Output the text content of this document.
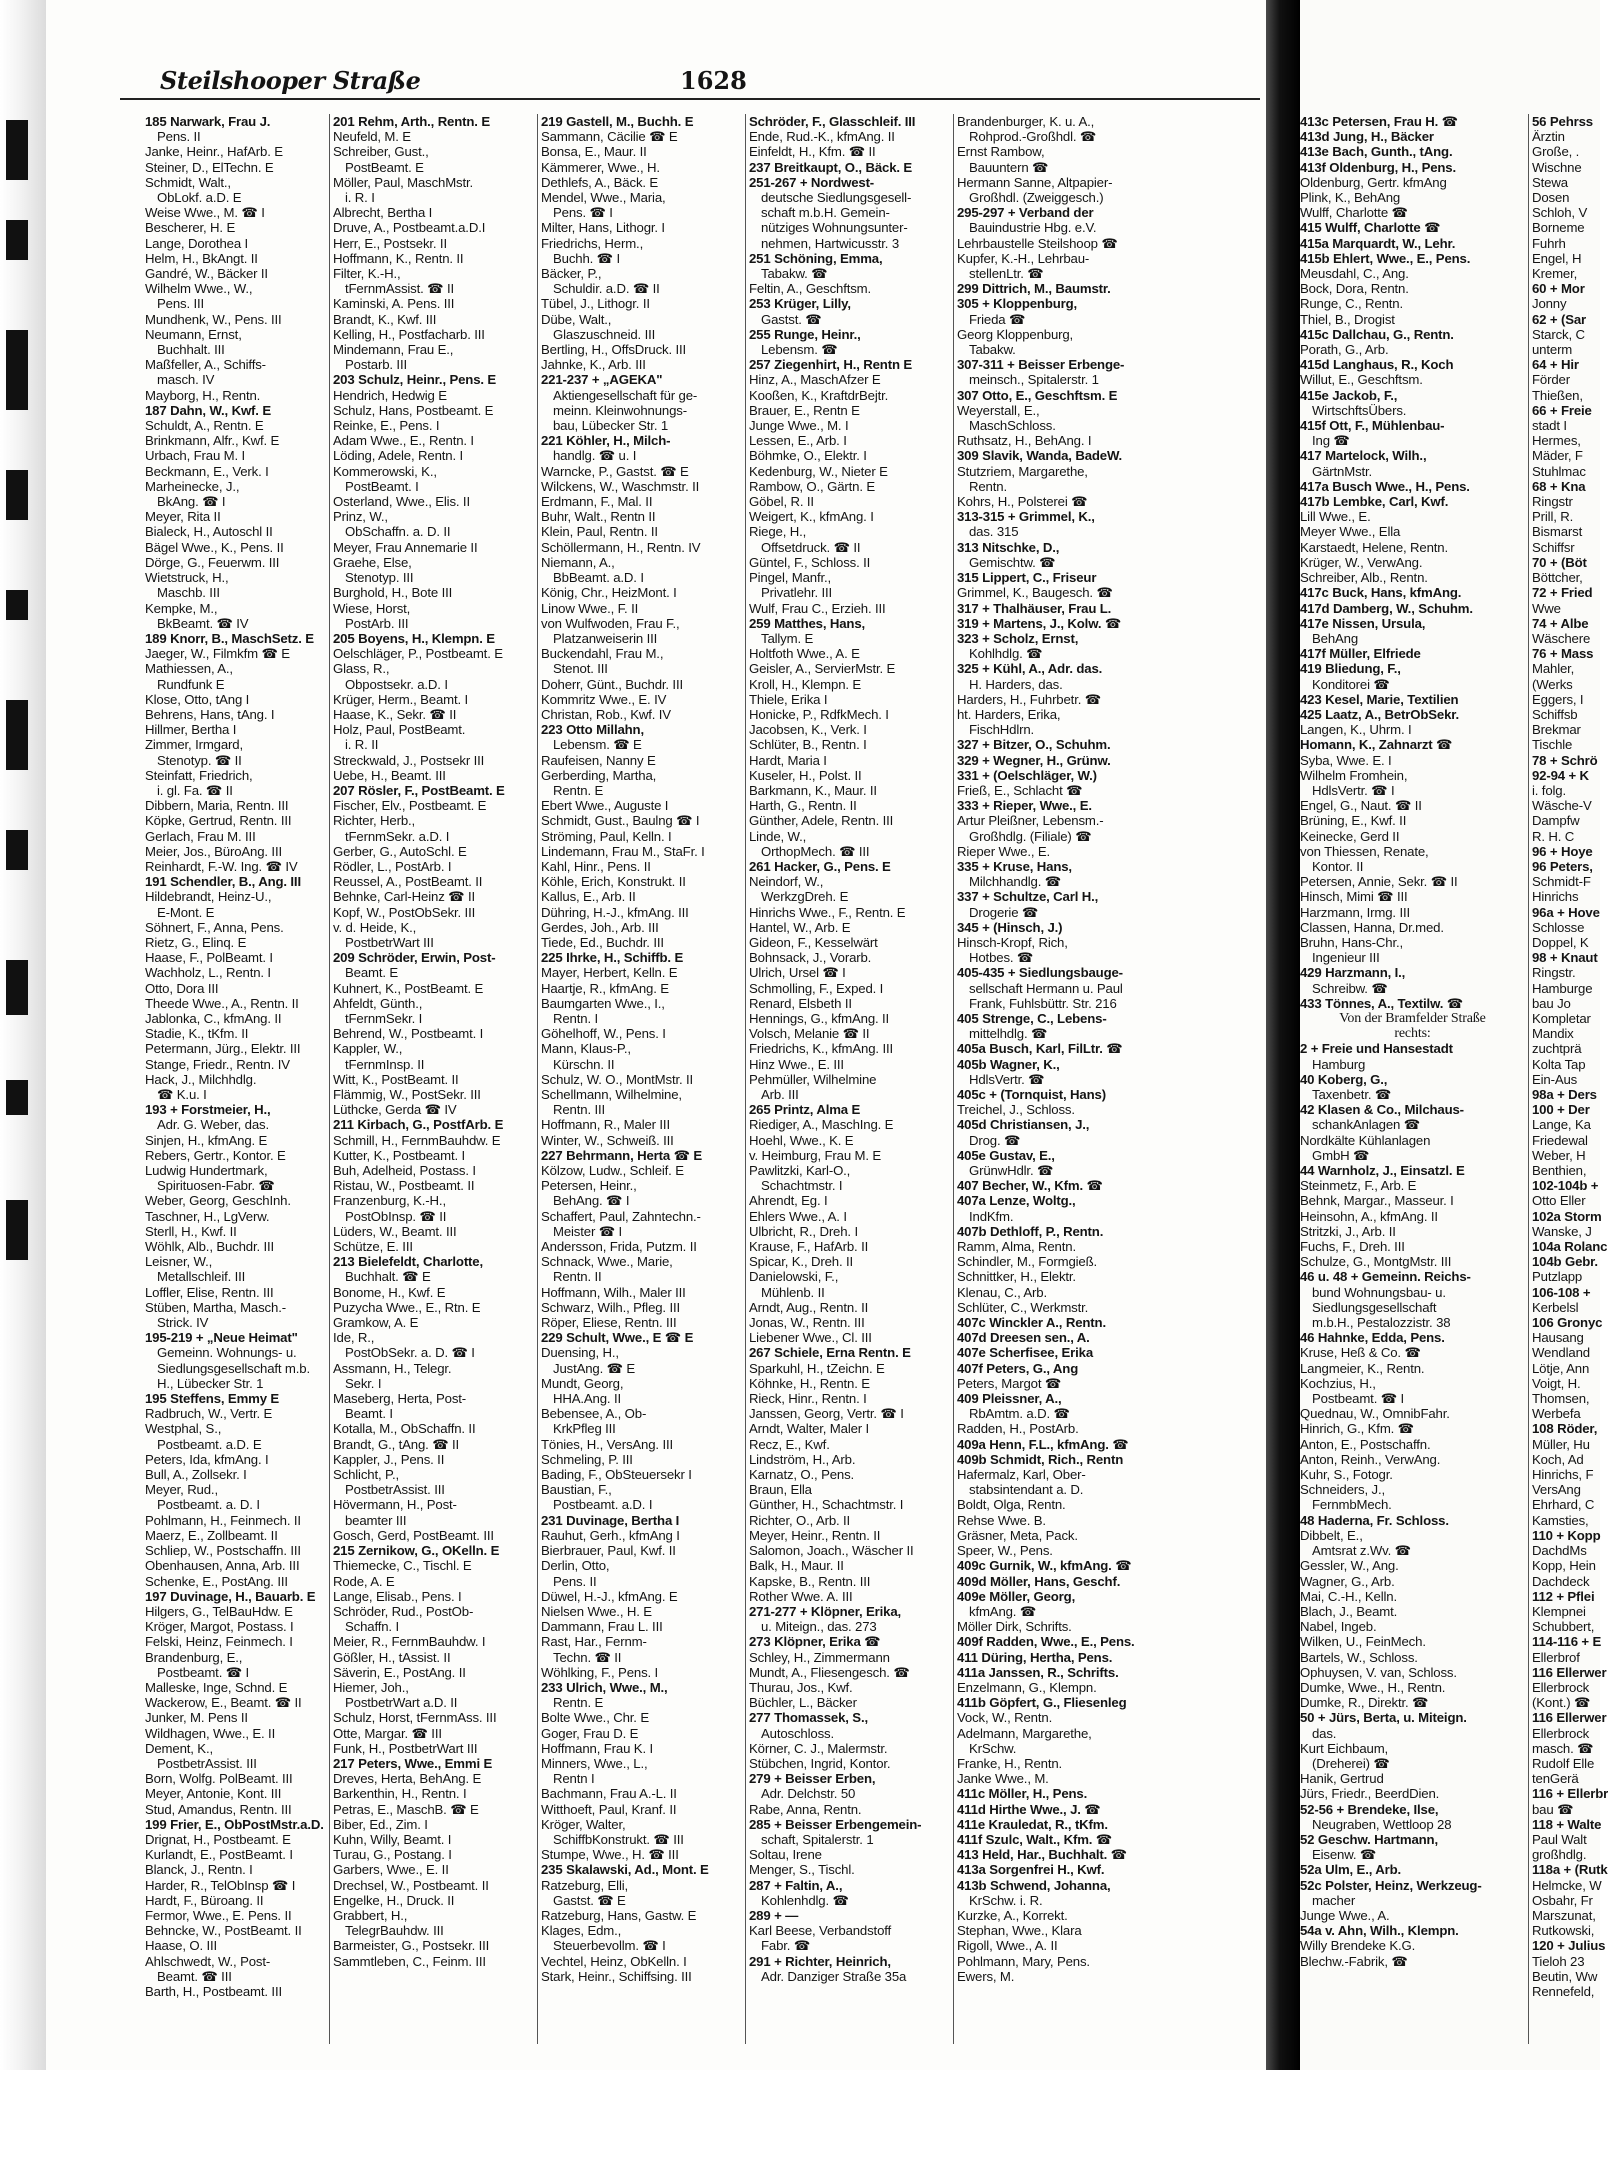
Steilshooper Straße	1628
185 Narwark, Frau J.
Pens. II
Janke, Heinr., HafArb. E
Steiner, D., ElTechn. E
Schmidt, Walt.,
ObLokf. a.D. E
Weise Wwe., M. ☎ I
Bescherer, H. E
Lange, Dorothea I
Helm, H., BkAngt. II
Gandré, W., Bäcker II
Wilhelm Wwe., W.,
Pens. III
Mundhenk, W., Pens. III
Neumann, Ernst,
Buchhalt. III
Maßfeller, A., Schiffs-
masch. IV
Mayborg, H., Rentn.
187 Dahn, W., Kwf. E
Schuldt, A., Rentn. E
Brinkmann, Alfr., Kwf. E
Urbach, Frau M. I
Beckmann, E., Verk. I
Marheinecke, J.,
BkAng. ☎ I
Meyer, Rita II
Bialeck, H., Autoschl II
Bägel Wwe., K., Pens. II
Dörge, G., Feuerwm. III
Wietstruck, H.,
Maschb. III
Kempke, M.,
BkBeamt. ☎ IV
189 Knorr, B., MaschSetz. E
Jaeger, W., Filmkfm ☎ E
Mathiessen, A.,
Rundfunk E
Klose, Otto, tAng I
Behrens, Hans, tAng. I
Hillmer, Bertha I
Zimmer, Irmgard,
Stenotyp. ☎ II
Steinfatt, Friedrich,
i. gl. Fa. ☎ II
Dibbern, Maria, Rentn. III
Köpke, Gertrud, Rentn. III
Gerlach, Frau M. III
Meier, Jos., BüroAng. III
Reinhardt, F.-W. Ing. ☎ IV
191 Schendler, B., Ang. III
Hildebrandt, Heinz-U.,
E-Mont. E
Söhnert, F., Anna, Pens.
Rietz, G., Elinq. E
Haase, F., PolBeamt. I
Wachholz, L., Rentn. I
Otto, Dora III
Theede Wwe., A., Rentn. II
Jablonka, C., kfmAng. II
Stadie, K., tKfm. II
Petermann, Jürg., Elektr. III
Stange, Friedr., Rentn. IV
Hack, J., Milchhdlg.
☎ K.u. I
193 + Forstmeier, H.,
Adr. G. Weber, das.
Sinjen, H., kfmAng. E
Rebers, Gertr., Kontor. E
Ludwig Hundertmark,
Spirituosen-Fabr. ☎
Weber, Georg, GeschInh.
Taschner, H., LgVerw.
Sterll, H., Kwf. II
Wöhlk, Alb., Buchdr. III
Leisner, W.,
Metallschleif. III
Loffler, Elise, Rentn. III
Stüben, Martha, Masch.-
Strick. IV
195-219 + „Neue Heimat"
Gemeinn. Wohnungs- u.
Siedlungsgesellschaft m.b.
H., Lübecker Str. 1
195 Steffens, Emmy E
Radbruch, W., Vertr. E
Westphal, S.,
Postbeamt. a.D. E
Peters, Ida, kfmAng. I
Bull, A., Zollsekr. I
Meyer, Rud.,
Postbeamt. a. D. I
Pohlmann, H., Feinmech. II
Maerz, E., Zollbeamt. II
Schliep, W., Postschaffn. III
Obenhausen, Anna, Arb. III
Schenke, E., PostAng. III
197 Duvinage, H., Bauarb. E
Hilgers, G., TelBauHdw. E
Kröger, Margot, Postass. I
Felski, Heinz, Feinmech. I
Brandenburg, E.,
Postbeamt. ☎ I
Malleske, Inge, Schnd. E
Wackerow, E., Beamt. ☎ II
Junker, M. Pens II
Wildhagen, Wwe., E. II
Dement, K.,
PostbetrAssist. III
Born, Wolfg. PolBeamt. III
Meyer, Antonie, Kont. III
Stud, Amandus, Rentn. III
199 Frier, E., ObPostMstr.a.D.
Drignat, H., Postbeamt. E
Kurlandt, E., PostBeamt. I
Blanck, J., Rentn. I
Harder, R., TelObInsp ☎ I
Hardt, F., Büroang. II
Fermor, Wwe., E. Pens. II
Behncke, W., PostBeamt. II
Haase, O. III
Ahlschwedt, W., Post-
Beamt. ☎ III
Barth, H., Postbeamt. III
201 Rehm, Arth., Rentn. E
Neufeld, M. E
Schreiber, Gust.,
PostBeamt. E
Möller, Paul, MaschMstr.
i. R. I
Albrecht, Bertha I
Druve, A., Postbeamt.a.D.I
Herr, E., Postsekr. II
Hoffmann, K., Rentn. II
Filter, K.-H.,
tFernmAssist. ☎ II
Kaminski, A. Pens. III
Brandt, K., Kwf. III
Kelling, H., Postfacharb. III
Mindemann, Frau E.,
Postarb. III
203 Schulz, Heinr., Pens. E
Hendrich, Hedwig E
Schulz, Hans, Postbeamt. E
Reinke, E., Pens. I
Adam Wwe., E., Rentn. I
Löding, Adele, Rentn. I
Kommerowski, K.,
PostBeamt. I
Osterland, Wwe., Elis. II
Prinz, W.,
ObSchaffn. a. D. II
Meyer, Frau Annemarie II
Graehe, Else,
Stenotyp. III
Burghold, H., Bote III
Wiese, Horst,
PostArb. III
205 Boyens, H., Klempn. E
Oelschläger, P., Postbeamt. E
Glass, R.,
Obpostsekr. a.D. I
Krüger, Herm., Beamt. I
Haase, K., Sekr. ☎ II
Holz, Paul, PostBeamt.
i. R. II
Streckwald, J., Postsekr III
Uebe, H., Beamt. III
207 Rösler, F., PostBeamt. E
Fischer, Elv., Postbeamt. E
Richter, Herb.,
tFernmSekr. a.D. I
Gerber, G., AutoSchl. E
Rödler, L., PostArb. I
Reussel, A., PostBeamt. II
Behnke, Carl-Heinz ☎ II
Kopf, W., PostObSekr. III
v. d. Heide, K.,
PostbetrWart III
209 Schröder, Erwin, Post-
Beamt. E
Kuhnert, K., PostBeamt. E
Ahfeldt, Günth.,
tFernmSekr. I
Behrend, W., Postbeamt. I
Kappler, W.,
tFernmInsp. II
Witt, K., PostBeamt. II
Flämmig, W., PostSekr. III
Lüthcke, Gerda ☎ IV
211 Kirbach, G., PostfArb. E
Schmill, H., FernmBauhdw. E
Kutter, K., Postbeamt. I
Buh, Adelheid, Postass. I
Ristau, W., Postbeamt. II
Franzenburg, K.-H.,
PostObInsp. ☎ II
Lüders, W., Beamt. III
Schütze, E. III
213 Bielefeldt, Charlotte,
Buchhalt. ☎ E
Bonome, H., Kwf. E
Puzycha Wwe., E., Rtn. E
Gramkow, A. E
Ide, R.,
PostObSekr. a. D. ☎ I
Assmann, H., Telegr.
Sekr. I
Maseberg, Herta, Post-
Beamt. I
Kotalla, M., ObSchaffn. II
Brandt, G., tAng. ☎ II
Kappler, J., Pens. II
Schlicht, P.,
PostbetrAssist. III
Hövermann, H., Post-
beamter III
Gosch, Gerd, PostBeamt. III
215 Zernikow, G., OKelln. E
Thiemecke, C., Tischl. E
Rode, A. E
Lange, Elisab., Pens. I
Schröder, Rud., PostOb-
Schaffn. I
Meier, R., FernmBauhdw. I
Gößler, H., tAssist. II
Säverin, E., PostAng. II
Hiemer, Joh.,
PostbetrWart a.D. II
Schulz, Horst, tFernmAss. III
Otte, Margar. ☎ III
Funk, H., PostbetrWart III
217 Peters, Wwe., Emmi E
Dreves, Herta, BehAng. E
Barkenthin, H., Rentn. I
Petras, E., MaschB. ☎ E
Biber, Ed., Zim. I
Kuhn, Willy, Beamt. I
Turau, G., Postang. I
Garbers, Wwe., E. II
Drechsel, W., Postbeamt. II
Engelke, H., Druck. II
Grabbert, H.,
TelegrBauhdw. III
Barmeister, G., Postsekr. III
Sammtleben, C., Feinm. III
219 Gastell, M., Buchh. E
Sammann, Cäcilie ☎ E
Bonsa, E., Maur. II
Kämmerer, Wwe., H.
Dethlefs, A., Bäck. E
Mendel, Wwe., Maria,
Pens. ☎ I
Milter, Hans, Lithogr. I
Friedrichs, Herm.,
Buchh. ☎ I
Bäcker, P.,
Schuldir. a.D. ☎ II
Tübel, J., Lithogr. II
Dübe, Walt.,
Glaszuschneid. III
Bertling, H., OffsDruck. III
Jahnke, K., Arb. III
221-237 + „AGEKA"
Aktiengesellschaft für ge-
meinn. Kleinwohnungs-
bau, Lübecker Str. 1
221 Köhler, H., Milch-
handlg. ☎ u. I
Warncke, P., Gastst. ☎ E
Wilckens, W., Waschmstr. II
Erdmann, F., Mal. II
Buhr, Walt., Rentn II
Klein, Paul, Rentn. II
Schöllermann, H., Rentn. IV
Niemann, A.,
BbBeamt. a.D. I
König, Chr., HeizMont. I
Linow Wwe., F. II
von Wulfwoden, Frau F.,
Platzanweiserin III
Buckendahl, Frau M.,
Stenot. III
Doherr, Günt., Buchdr. III
Kommritz Wwe., E. IV
Christan, Rob., Kwf. IV
223 Otto Millahn,
Lebensm. ☎ E
Raufeisen, Nanny E
Gerberding, Martha,
Rentn. E
Ebert Wwe., Auguste I
Schmidt, Gust., Baulng ☎ I
Ströming, Paul, Kelln. I
Lindemann, Frau M., StaFr. I
Kahl, Hinr., Pens. II
Köhle, Erich, Konstrukt. II
Kallus, E., Arb. II
Dühring, H.-J., kfmAng. III
Gerdes, Joh., Arb. III
Tiede, Ed., Buchdr. III
225 Ihrke, H., Schiffb. E
Mayer, Herbert, Kelln. E
Haartje, R., kfmAng. E
Baumgarten Wwe., I.,
Rentn. I
Göhelhoff, W., Pens. I
Mann, Klaus-P.,
Kürschn. II
Schulz, W. O., MontMstr. II
Schellmann, Wilhelmine,
Rentn. III
Hoffmann, R., Maler III
Winter, W., Schweiß. III
227 Behrmann, Herta ☎ E
Kölzow, Ludw., Schleif. E
Petersen, Heinr.,
BehAng. ☎ I
Schaffert, Paul, Zahntechn.-
Meister ☎ I
Andersson, Frida, Putzm. II
Schnack, Wwe., Marie,
Rentn. II
Hoffmann, Wilh., Maler III
Schwarz, Wilh., Pfleg. III
Röper, Eliese, Rentn. III
229 Schult, Wwe., E ☎ E
Duensing, H.,
JustAng. ☎ E
Mundt, Georg,
HHA.Ang. II
Bebensee, A., Ob-
KrkPfleg III
Tönies, H., VersAng. III
Schmeling, P. III
Bading, F., ObSteuersekr I
Baustian, F.,
Postbeamt. a.D. I
231 Duvinage, Bertha I
Rauhut, Gerh., kfmAng I
Bierbrauer, Paul, Kwf. II
Derlin, Otto,
Pens. II
Düwel, H.-J., kfmAng. E
Nielsen Wwe., H. E
Dammann, Frau L. III
Rast, Har., Fernm-
Techn. ☎ II
Wöhlking, F., Pens. I
233 Ulrich, Wwe., M.,
Rentn. E
Bolte Wwe., Chr. E
Goger, Frau D. E
Hoffmann, Frau K. I
Minners, Wwe., L.,
Rentn I
Bachmann, Frau A.-L. II
Witthoeft, Paul, Kranf. II
Kröger, Walter,
SchiffbKonstrukt. ☎ III
Stumpe, Wwe., H. ☎ III
235 Skalawski, Ad., Mont. E
Ratzeburg, Elli,
Gastst. ☎ E
Ratzeburg, Hans, Gastw. E
Klages, Edm.,
Steuerbevollm. ☎ I
Vechtel, Heinz, ObKelln. I
Stark, Heinr., Schiffsing. III
Schröder, F., Glasschleif. III
Ende, Rud.-K., kfmAng. II
Einfeldt, H., Kfm. ☎ II
237 Breitkaupt, O., Bäck. E
251-267 + Nordwest-
deutsche Siedlungsgesell-
schaft m.b.H. Gemein-
nütziges Wohnungsunter-
nehmen, Hartwicusstr. 3
251 Schöning, Emma,
Tabakw. ☎
Feltin, A., Geschftsm.
253 Krüger, Lilly,
Gastst. ☎
255 Runge, Heinr.,
Lebensm. ☎
257 Ziegenhirt, H., Rentn E
Hinz, A., MaschAfzer E
Kooßen, K., KraftdrBejtr.
Brauer, E., Rentn E
Junge Wwe., M. I
Lessen, E., Arb. I
Böhmke, O., Elektr. I
Kedenburg, W., Nieter E
Rambow, O., Gärtn. E
Göbel, R. II
Weigert, K., kfmAng. I
Riege, H.,
Offsetdruck. ☎ II
Güntel, F., Schloss. II
Pingel, Manfr.,
Privatlehr. III
Wulf, Frau C., Erzieh. III
259 Matthes, Hans,
Tallym. E
Holtfoth Wwe., A. E
Geisler, A., ServierMstr. E
Kroll, H., Klempn. E
Thiele, Erika I
Honicke, P., RdfkMech. I
Jacobsen, K., Verk. I
Schlüter, B., Rentn. I
Hardt, Maria I
Kuseler, H., Polst. II
Barkmann, K., Maur. II
Harth, G., Rentn. II
Günther, Adele, Rentn. III
Linde, W.,
OrthopMech. ☎ III
261 Hacker, G., Pens. E
Neindorf, W.,
WerkzgDreh. E
Hinrichs Wwe., F., Rentn. E
Hantel, W., Arb. E
Gideon, F., Kesselwärt
Bohnsack, J., Vorarb.
Ulrich, Ursel ☎ I
Schmolling, F., Exped. I
Renard, Elsbeth II
Hennings, G., kfmAng. II
Volsch, Melanie ☎ II
Friedrichs, K., kfmAng. III
Hinz Wwe., E. III
Pehmüller, Wilhelmine
Arb. III
265 Printz, Alma E
Riediger, A., MaschIng. E
Hoehl, Wwe., K. E
v. Heimburg, Frau M. E
Pawlitzki, Karl-O.,
Schachtmstr. I
Ahrendt, Eg. I
Ehlers Wwe., A. I
Ulbricht, R., Dreh. I
Krause, F., HafArb. II
Spicar, K., Dreh. II
Danielowski, F.,
Mühlenb. II
Arndt, Aug., Rentn. II
Jonas, W., Rentn. III
Liebener Wwe., Cl. III
267 Schiele, Erna Rentn. E
Sparkuhl, H., tZeichn. E
Köhnke, H., Rentn. E
Rieck, Hinr., Rentn. I
Janssen, Georg, Vertr. ☎ I
Arndt, Walter, Maler I
Recz, E., Kwf.
Lindström, H., Arb.
Karnatz, O., Pens.
Braun, Ella
Günther, H., Schachtmstr. I
Richter, O., Arb. II
Meyer, Heinr., Rentn. II
Salomon, Joach., Wäscher II
Balk, H., Maur. II
Kapske, B., Rentn. III
Rother Wwe. A. III
271-277 + Klöpner, Erika,
u. Miteign., das. 273
273 Klöpner, Erika ☎
Schley, H., Zimmermann
Mundt, A., Fliesengesch. ☎
Thurau, Jos., Kwf.
Büchler, L., Bäcker
277 Thomassek, S.,
Autoschloss.
Körner, C. J., Malermstr.
Stübchen, Ingrid, Kontor.
279 + Beisser Erben,
Adr. Delchstr. 50
Rabe, Anna, Rentn.
285 + Beisser Erbengemein-
schaft, Spitalerstr. 1
Soltau, Irene
Menger, S., Tischl.
287 + Faltin, A.,
Kohlenhdlg. ☎
289 + —
Karl Beese, Verbandstoff
Fabr. ☎
291 + Richter, Heinrich,
Adr. Danziger Straße 35a
Brandenburger, K. u. A.,
Rohprod.-Großhdl. ☎
Ernst Rambow,
Bauuntern ☎
Hermann Sanne, Altpapier-
Großhdl. (Zweiggesch.)
295-297 + Verband der
Bauindustrie Hbg. e.V.
Lehrbaustelle Steilshoop ☎
Kupfer, K.-H., Lehrbau-
stellenLtr. ☎
299 Dittrich, M., Baumstr.
305 + Kloppenburg,
Frieda ☎
Georg Kloppenburg,
Tabakw.
307-311 + Beisser Erbenge-
meinsch., Spitalerstr. 1
307 Otto, E., Geschftsm. E
Weyerstall, E.,
MaschSchloss.
Ruthsatz, H., BehAng. I
309 Slavik, Wanda, BadeW.
Stutzriem, Margarethe,
Rentn.
Kohrs, H., Polsterei ☎
313-315 + Grimmel, K.,
das. 315
313 Nitschke, D.,
Gemischtw. ☎
315 Lippert, C., Friseur
Grimmel, K., Baugesch. ☎
317 + Thalhäuser, Frau L.
319 + Martens, J., Kolw. ☎
323 + Scholz, Ernst,
Kohlhdlg. ☎
325 + Kühl, A., Adr. das.
H. Harders, das.
Harders, H., Fuhrbetr. ☎
ht. Harders, Erika,
FischHdlrn.
327 + Bitzer, O., Schuhm.
329 + Wegner, H., Grünw.
331 + (Oelschläger, W.)
Frieß, E., Schlacht ☎
333 + Rieper, Wwe., E.
Artur Pleißner, Lebensm.-
Großhdlg. (Filiale) ☎
Rieper Wwe., E.
335 + Kruse, Hans,
Milchhandlg. ☎
337 + Schultze, Carl H.,
Drogerie ☎
345 + (Hinsch, J.)
Hinsch-Kropf, Rich,
Hotbes. ☎
405-435 + Siedlungsbauge-
sellschaft Hermann u. Paul
Frank, Fuhlsbüttr. Str. 216
405 Strenge, C., Lebens-
mittelhdlg. ☎
405a Busch, Karl, FilLtr. ☎
405b Wagner, K.,
HdlsVertr. ☎
405c + (Tornquist, Hans)
Treichel, J., Schloss.
405d Christiansen, J.,
Drog. ☎
405e Gustav, E.,
GrünwHdlr. ☎
407 Becher, W., Kfm. ☎
407a Lenze, Woltg.,
IndKfm.
407b Dethloff, P., Rentn.
Ramm, Alma, Rentn.
Schindler, M., Formgieß.
Schnittker, H., Elektr.
Klenau, C., Arb.
Schlüter, C., Werkmstr.
407c Winckler A., Rentn.
407d Dreesen sen., A.
407e Scherfisee, Erika
407f Peters, G., Ang
Peters, Margot ☎
409 Pleissner, A.,
RbAmtm. a.D. ☎
Radden, H., PostArb.
409a Henn, F.L., kfmAng. ☎
409b Schmidt, Rich., Rentn
Hafermalz, Karl, Ober-
stabsintendant a. D.
Boldt, Olga, Rentn.
Rehse Wwe. B.
Gräsner, Meta, Pack.
Speer, W., Pens.
409c Gurnik, W., kfmAng. ☎
409d Möller, Hans, Geschf.
409e Möller, Georg,
kfmAng. ☎
Möller Dirk, Schrifts.
409f Radden, Wwe., E., Pens.
411 Düring, Hertha, Pens.
411a Janssen, R., Schrifts.
Enzelmann, G., Klempn.
411b Göpfert, G., Fliesenleg
Vock, W., Rentn.
Adelmann, Margarethe,
KrSchw.
Franke, H., Rentn.
Janke Wwe., M.
411c Möller, H., Pens.
411d Hirthe Wwe., J. ☎
411e Krauledat, R., tKfm.
411f Szulc, Walt., Kfm. ☎
413 Held, Har., Buchhalt. ☎
413a Sorgenfrei H., Kwf.
413b Schwend, Johanna,
KrSchw. i. R.
Kurzke, A., Korrekt.
Stephan, Wwe., Klara
Rigoll, Wwe., A. II
Pohlmann, Mary, Pens.
Ewers, M.
413c Petersen, Frau H. ☎
413d Jung, H., Bäcker
413e Bach, Gunth., tAng.
413f Oldenburg, H., Pens.
Oldenburg, Gertr. kfmAng
Plink, K., BehAng
Wulff, Charlotte ☎
415 Wulff, Charlotte ☎
415a Marquardt, W., Lehr.
415b Ehlert, Wwe., E., Pens.
Meusdahl, C., Ang.
Bock, Dora, Rentn.
Runge, C., Rentn.
Thiel, B., Drogist
415c Dallchau, G., Rentn.
Porath, G., Arb.
415d Langhaus, R., Koch
Willut, E., Geschftsm.
415e Jackob, F.,
WirtschftsÜbers.
415f Ott, F., Mühlenbau-
Ing ☎
417 Martelock, Wilh.,
GärtnMstr.
417a Busch Wwe., H., Pens.
417b Lembke, Carl, Kwf.
Lill Wwe., E.
Meyer Wwe., Ella
Karstaedt, Helene, Rentn.
Krüger, W., VerwAng.
Schreiber, Alb., Rentn.
417c Buck, Hans, kfmAng.
417d Damberg, W., Schuhm.
417e Nissen, Ursula,
BehAng
417f Müller, Elfriede
419 Bliedung, F.,
Konditorei ☎
423 Kesel, Marie, Textilien
425 Laatz, A., BetrObSekr.
Langen, K., Uhrm. I
Homann, K., Zahnarzt ☎
Syba, Wwe. E. I
Wilhelm Fromhein,
HdlsVertr. ☎ I
Engel, G., Naut. ☎ II
Brüning, E., Kwf. II
Keinecke, Gerd II
von Thiessen, Renate,
Kontor. II
Petersen, Annie, Sekr. ☎ II
Hinsch, Mimi ☎ III
Harzmann, Irmg. III
Classen, Hanna, Dr.med.
Bruhn, Hans-Chr.,
Ingenieur III
429 Harzmann, I.,
Schreibw. ☎
433 Tönnes, A., Textilw. ☎
Von der Bramfelder Straße
rechts:
2 + Freie und Hansestadt
Hamburg
40 Koberg, G.,
Taxenbetr. ☎
42 Klasen & Co., Milchaus-
schankAnlagen ☎
Nordkälte Kühlanlagen
GmbH ☎
44 Warnholz, J., Einsatzl. E
Steinmetz, F., Arb. E
Behnk, Margar., Masseur. I
Heinsohn, A., kfmAng. II
Stritzki, J., Arb. II
Fuchs, F., Dreh. III
Schulze, G., MontgMstr. III
46 u. 48 + Gemeinn. Reichs-
bund Wohnungsbau- u.
Siedlungsgesellschaft
m.b.H., Pestalozzistr. 38
46 Hahnke, Edda, Pens.
Kruse, Heß & Co. ☎
Langmeier, K., Rentn.
Kochzius, H.,
Postbeamt. ☎ I
Quednau, W., OmnibFahr.
Hinrich, G., Kfm. ☎
Anton, E., Postschaffn.
Anton, Reinh., VerwAng.
Kuhr, S., Fotogr.
Schneiders, J.,
FernmbMech.
48 Haderna, Fr. Schloss.
Dibbelt, E.,
Amtsrat z.Wv. ☎
Gessler, W., Ang.
Wagner, G., Arb.
Mai, C.-H., Kelln.
Blach, J., Beamt.
Nabel, Ingeb.
Wilken, U., FeinMech.
Bartels, W., Schloss.
Ophuysen, V. van, Schloss.
Dumke, Wwe., H., Rentn.
Dumke, R., Direktr. ☎
50 + Jürs, Berta, u. Miteign.
das.
Kurt Eichbaum,
(Dreherei) ☎
Hanik, Gertrud
Jürs, Friedr., BeerdDien.
52-56 + Brendeke, Ilse,
Neugraben, Wettloop 28
52 Geschw. Hartmann,
Eisenw. ☎
52a Ulm, E., Arb.
52c Polster, Heinz, Werkzeug-
macher
Junge Wwe., A.
54a v. Ahn, Wilh., Klempn.
Willy Brendeke K.G.
Blechw.-Fabrik, ☎
56 Pehrss
Ärztin
Große, .
Wischne
Stewa
Dosen
Schloh, V
Borneme
Fuhrh
Engel, H
Kremer,
60 + Mor
Jonny
62 + (Sar
Starck, C
unterm
64 + Hir
Förder
Thießen,
66 + Freie
stadt I
Hermes,
Mäder, F
Stuhlmac
68 + Kna
Ringstr
Prill, R.
Bismarst
Schiffsr
70 + (Böt
Böttcher,
72 + Fried
Wwe
74 + Albe
Wäschere
76 + Mass
Mahler,
(Werks
Eggers, I
Schiffsb
Brekmar
Tischle
78 + Schrö
92-94 + K
i. folg.
Wäsche-V
Dampfw
R. H. C
96 + Hoye
96 Peters,
Schmidt-F
Hinrichs
96a + Hove
Schlosse
Doppel, K
98 + Knaut
Ringstr.
Hamburge
bau Jo
Kompletar
Mandix
zuchtprä
Kolta Tap
Ein-Aus
98a + Ders
100 + Der
Lange, Ka
Friedewal
Weber, H
Benthien,
102-104b +
Otto Eller
102a Storm
Wanske, J
104a Rolanc
104b Gebr.
Putzlapp
106-108 +
Kerbelsl
106 Gronyc
Hausang
Wendland
Lötje, Ann
Voigt, H.
Thomsen,
Werbefa
108 Röder,
Müller, Hu
Koch, Ad
Hinrichs, F
VersAng
Ehrhard, C
Kamsties,
110 + Kopp
DachdMs
Kopp, Hein
Dachdeck
112 + Pflei
Klempnei
Schubbert,
114-116 + E
Ellerbrof
116 Ellerwer
Ellerbrock
(Kont.) ☎
116 Ellerwer
Ellerbrock
masch. ☎
Rudolf Elle
tenGerä
116 + Ellerbr
bau ☎
118 + Walte
Paul Walt
großhdlg.
118a + (Rutk
Helmcke, W
Osbahr, Fr
Marszunat,
Rutkowski,
120 + Julius
Tieloh 23
Beutin, Ww
Rennefeld,
